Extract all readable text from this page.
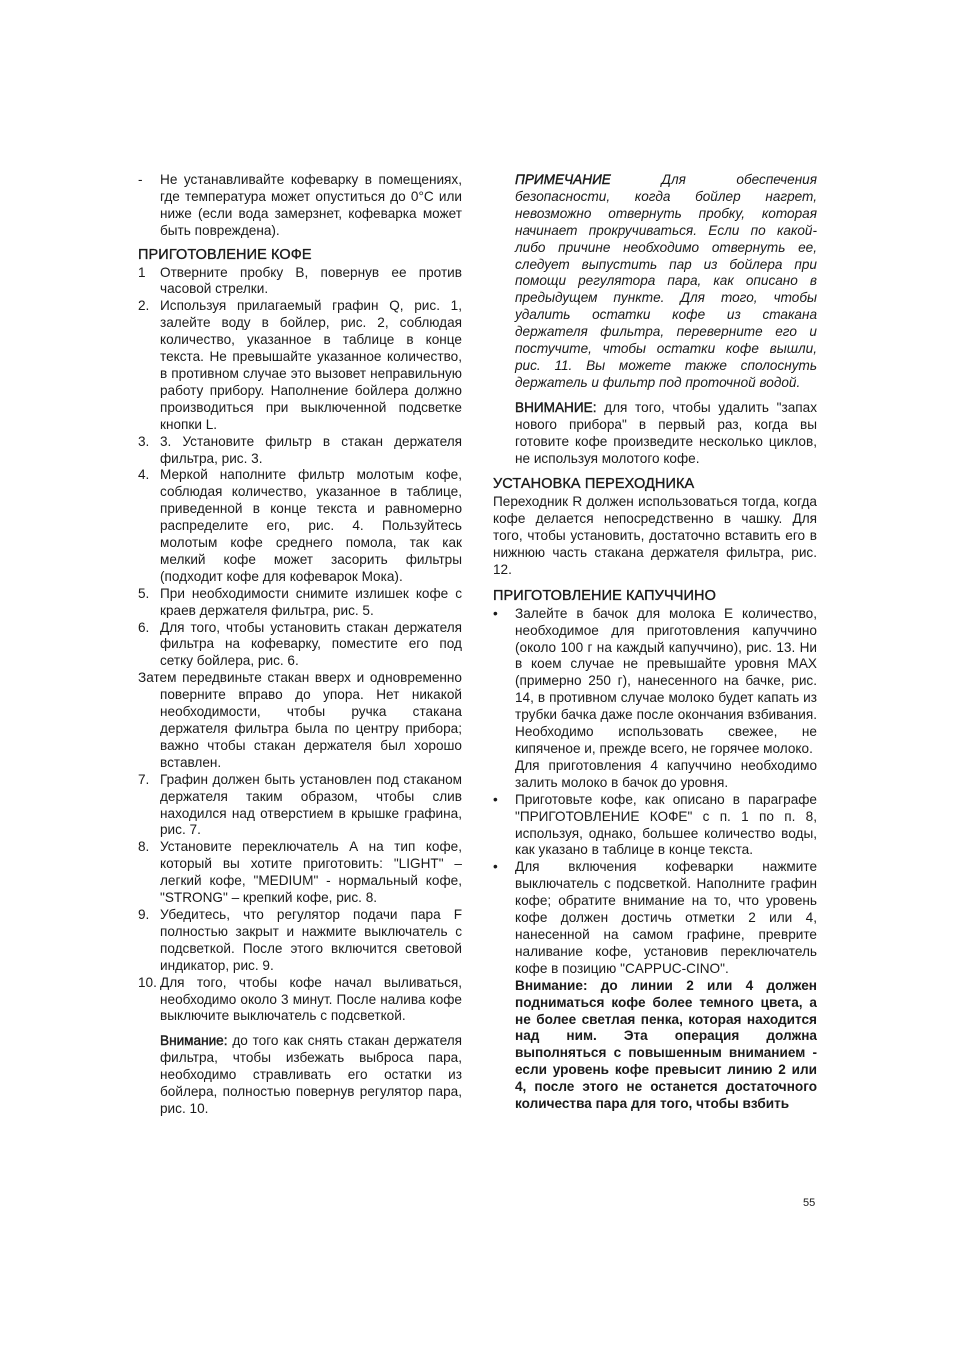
- Не устанавливайте кофеварку в помещениях, где температура может опуститься до 0°C или ниже (если вода замерзнет, кофеварка может быть повреждена).
ПРИГОТОВЛЕНИЕ КОФЕ
1 Отверните пробку В, повернув ее против часовой стрелки.
2. Используя прилагаемый графин Q, рис. 1, залейте воду в бойлер, рис. 2, соблюдая количество, указанное в таблице в конце текста. Не превышайте указанное количество, в противном случае это вызовет неправильную работу прибору. Наполнение бойлера должно производиться при выключенной подсветке кнопки L.
3. 3. Установите фильтр в стакан держателя фильтра, рис. 3.
4. Меркой наполните фильтр молотым кофе, соблюдая количество, указанное в таблице, приведенной в конце текста и равномерно распределите его, рис. 4. Пользуйтесь молотым кофе среднего помола, так как мелкий кофе может засорить фильтры (подходит кофе для кофеварок Мока).
5. При необходимости снимите излишек кофе с краев держателя фильтра, рис. 5.
6. Для того, чтобы установить стакан держателя фильтра на кофеварку, поместите его под сетку бойлера, рис. 6.

Затем передвиньте стакан вверх и одновременно поверните вправо до упора. Нет никакой необходимости, чтобы ручка стакана держателя фильтра была по центру прибора; важно чтобы стакан держателя был хорошо вставлен.

7. Графин должен быть установлен под стаканом держателя таким образом, чтобы слив находился над отверстием в крышке графина, рис. 7.
8. Установите переключатель А на тип кофе, который вы хотите приготовить: "LIGHT" – легкий кофе, "MEDIUM" - нормальный кофе, "STRONG" – крепкий кофе, рис. 8.
9. Убедитесь, что регулятор подачи пара F полностью закрыт и нажмите выключатель с подсветкой. После этого включится световой индикатор, рис. 9.
10. Для того, чтобы кофе начал выливаться, необходимо около 3 минут. После налива кофе выключите выключатель с подсветкой.

Внимание: до того как снять стакан держателя фильтра, чтобы избежать выброса пара, необходимо стравливать его остатки из бойлера, полностью повернув регулятор пара, рис. 10.

ПРИМЕЧАНИЕ Для обеспечения безопасности, когда бойлер нагрет, невозможно отвернуть пробку, которая начинает прокручиваться. Если по какой-либо причине необходимо отвернуть ее, следует выпустить пар из бойлера при помощи регулятора пара, как описано в предыдущем пункте. Для того, чтобы удалить остатки кофе из стакана держателя фильтра, переверните его и постучите, чтобы остатки кофе вышли, рис. 11. Вы можете также сполоснуть держатель и фильтр под проточной водой.

ВНИМАНИЕ: для того, чтобы удалить "запах нового прибора" в первый раз, когда вы готовите кофе произведите несколько циклов, не используя молотого кофе.

УСТАНОВКА ПЕРЕХОДНИКА

Переходник R должен использоваться тогда, когда кофе делается непосредственно в чашку. Для того, чтобы установить, достаточно вставить его в нижнюю часть стакана держателя фильтра, рис. 12.

ПРИГОТОВЛЕНИЕ КАПУЧЧИНО
• Залейте в бачок для молока Е количество, необходимое для приготовления капуччино (около 100 г на каждый капуччино), рис. 13. Ни в коем случае не превышайте уровня MAX (примерно 250 г), нанесенного на бачке, рис. 14, в противном случае молоко будет капать из трубки бачка даже после окончания взбивания. Необходимо использовать свежее, не кипяченое и, прежде всего, не горячее молоко.

Для приготовления 4 капуччино необходимо залить молоко в бачок до уровня.

• Приготовьте кофе, как описано в параграфе "ПРИГОТОВЛЕНИЕ КОФЕ" с п. 1 по п. 8, используя, однако, большее количество воды, как указано в таблице в конце текста.
• Для включения кофеварки нажмите выключатель с подсветкой. Наполните графин кофе; обратите внимание на то, что уровень кофе должен достичь отметки 2 или 4, нанесенной на самом графине, преврите наливание кофе, установив переключатель кофе в позицию "CAPPUC-CINO".

Внимание: до линии 2 или 4 должен подниматься кофе более темного цвета, а не более светлая пенка, которая находится над ним. Эта операция должна выполняться с повышенным вниманием - если уровень кофе превысит линию 2 или 4, после этого не останется достаточного количества пара для того, чтобы взбить

55
